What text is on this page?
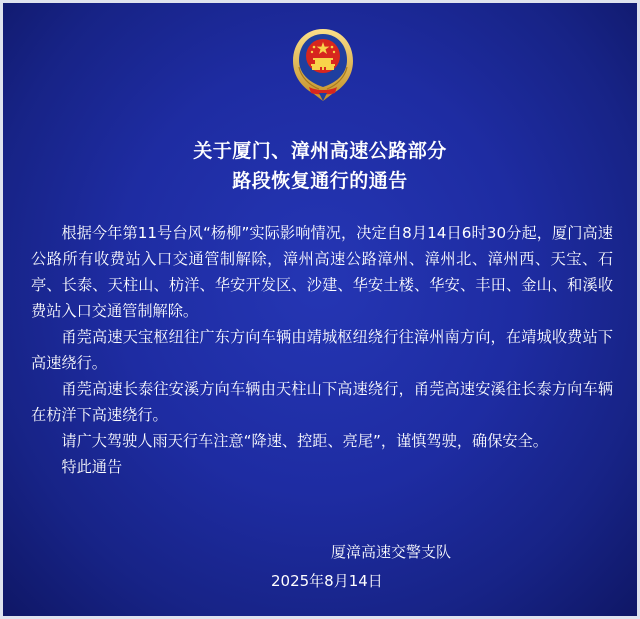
关于厦门、漳州高速公路部分
路段恢复通行的通告

根据今年第11号台风“杨柳”实际影响情况，决定自8月14日6时30分起，厦门高速公路所有收费站入口交通管制解除，漳州高速公路漳州、漳州北、漳州西、天宝、石亭、长泰、天柱山、枋洋、华安开发区、沙建、华安土楼、华安、丰田、金山、和溪收费站入口交通管制解除。

甬莞高速天宝枢纽往广东方向车辆由靖城枢纽绕行往漳州南方向，在靖城收费站下高速绕行。

甬莞高速长泰往安溪方向车辆由天柱山下高速绕行，甬莞高速安溪往长泰方向车辆在枋洋下高速绕行。

请广大驾驶人雨天行车注意“降速、控距、亮尾”，谨慎驾驶，确保安全。

特此通告

厦漳高速交警支队
2025年8月14日
